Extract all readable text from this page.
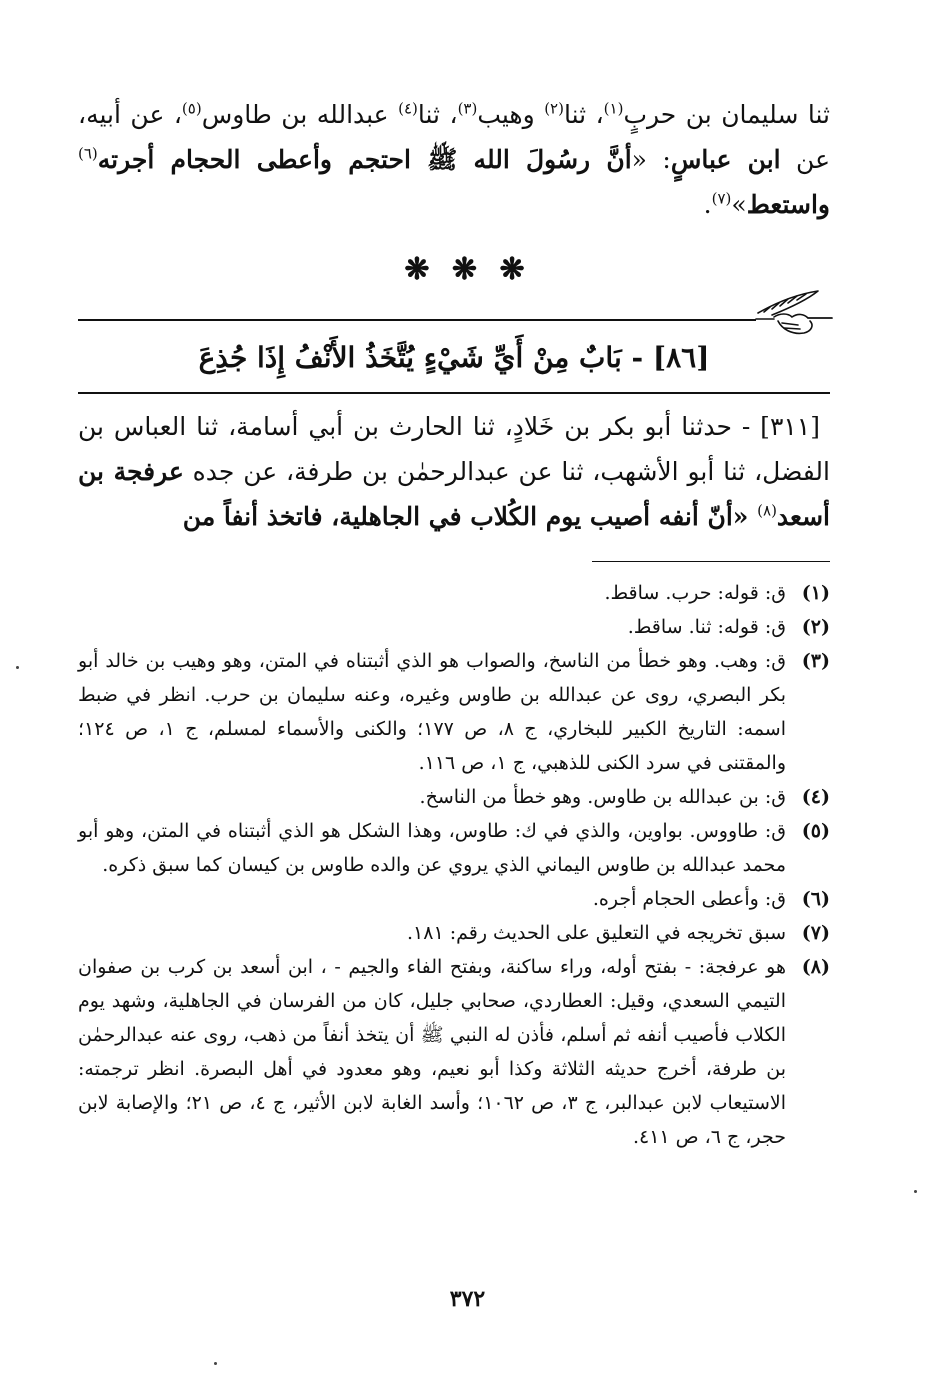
ثنا سليمان بن حربٍ$^{(١)}$، ثنا$^{(٢)}$ وهيب$^{(٣)}$، ثنا$^{(٤)}$ عبدالله بن طاوس$^{(٥)}$، عن أبيه، عن ابن عباسٍ: «أنَّ رسُولَ الله ﷺ احتجم وأعطى الحجام أجرته$^{(٦)}$ واستعط»$^{(٧)}$.

❋ ❋ ❋
[٨٦] - بَابٌ مِنْ أَيِّ شَيْءٍ يُتَّخَذُ الأَنْفُ إِذَا جُذِعَ

[٣١١] - حدثنا أبو بكر بن خَلادٍ، ثنا الحارث بن أبي أسامة، ثنا العباس بن الفضل، ثنا أبو الأشهب، ثنا عن عبدالرحمٰن بن طرفة، عن جده عرفجة بن أسعد$^{(٨)}$ «أنّ أنفه أصيب يوم الكُلاب في الجاهلية، فاتخذ أنفاً من

(١)
ق: قوله: حرب. ساقط.
(٢)
ق: قوله: ثنا. ساقط.
(٣)
ق: وهب. وهو خطأ من الناسخ، والصواب هو الذي أثبتناه في المتن، وهو وهيب بن خالد أبو بكر البصري، روى عن عبدالله بن طاوس وغيره، وعنه سليمان بن حرب. انظر في ضبط اسمه: التاريخ الكبير للبخاري، ج ٨، ص ١٧٧؛ والكنى والأسماء لمسلم، ج ١، ص ١٢٤؛ والمقتنى في سرد الكنى للذهبي، ج ١، ص ١١٦.
(٤)
ق: بن عبدالله بن طاوس. وهو خطأ من الناسخ.
(٥)
ق: طاووس. بواوين، والذي في ك: طاوس، وهذا الشكل هو الذي أثبتناه في المتن، وهو أبو محمد عبدالله بن طاوس اليماني الذي يروي عن والده طاوس بن كيسان كما سبق ذكره.
(٦)
ق: وأعطى الحجام أجره.
(٧)
سبق تخريجه في التعليق على الحديث رقم: ١٨١.
(٨)
هو عرفجة: - بفتح أوله، وراء ساكنة، وبفتح الفاء والجيم - ، ابن أسعد بن كرب بن صفوان التيمي السعدي، وقيل: العطاردي، صحابي جليل، كان من الفرسان في الجاهلية، وشهد يوم الكلاب فأصيب أنفه ثم أسلم، فأذن له النبي ﷺ أن يتخذ أنفاً من ذهب، روى عنه عبدالرحمٰن بن طرفة، أخرج حديثه الثلاثة وكذا أبو نعيم، وهو معدود في أهل البصرة. انظر ترجمته: الاستيعاب لابن عبدالبر، ج ٣، ص ١٠٦٢؛ وأسد الغابة لابن الأثير، ج ٤، ص ٢١؛ والإصابة لابن حجر، ج ٦، ص ٤١١.
٣٧٢
